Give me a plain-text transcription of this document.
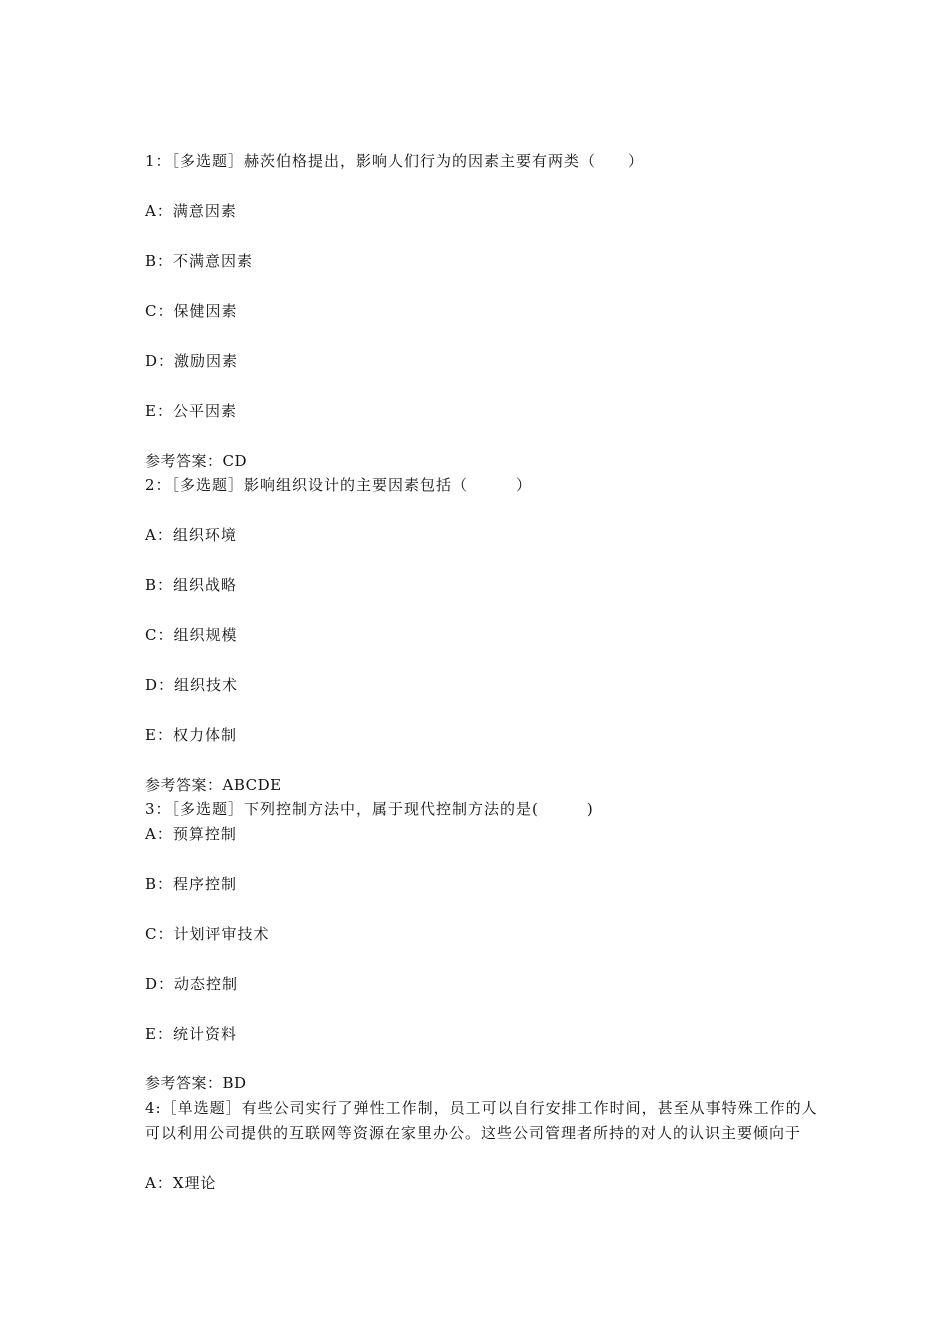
1：［多选题］赫茨伯格提出，影响人们行为的因素主要有两类（　　）
A：满意因素
B：不满意因素
C：保健因素
D：激励因素
E：公平因素
参考答案：CD
2：［多选题］影响组织设计的主要因素包括（　　　）
A：组织环境
B：组织战略
C：组织规模
D：组织技术
E：权力体制
参考答案：ABCDE
3：［多选题］下列控制方法中，属于现代控制方法的是(　　　)
A：预算控制
B：程序控制
C：计划评审技术
D：动态控制
E：统计资料
参考答案：BD
4:［单选题］有些公司实行了弹性工作制，员工可以自行安排工作时间，甚至从事特殊工作的人可以利用公司提供的互联网等资源在家里办公。这些公司管理者所持的对人的认识主要倾向于
A：X理论
